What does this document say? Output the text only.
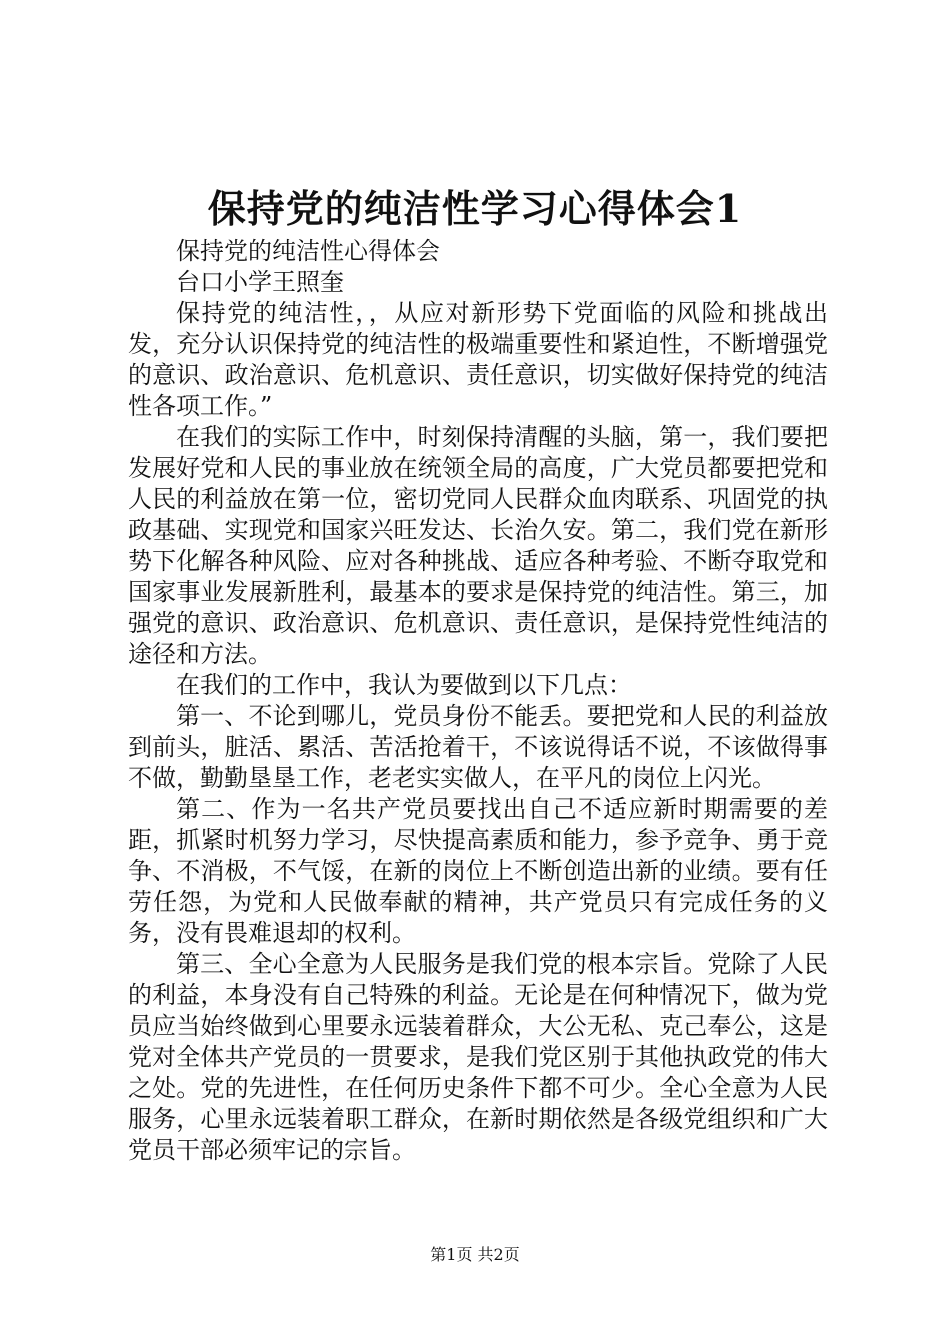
保持党的纯洁性学习心得体会1

保持党的纯洁性心得体会

台口小学王照奎

保持党的纯洁性，，从应对新形势下党面临的风险和挑战出发，充分认识保持党的纯洁性的极端重要性和紧迫性，不断增强党的意识、政治意识、危机意识、责任意识，切实做好保持党的纯洁性各项工作。”

在我们的实际工作中，时刻保持清醒的头脑，第一，我们要把发展好党和人民的事业放在统领全局的高度，广大党员都要把党和人民的利益放在第一位，密切党同人民群众血肉联系、巩固党的执政基础、实现党和国家兴旺发达、长治久安。第二，我们党在新形势下化解各种风险、应对各种挑战、适应各种考验、不断夺取党和国家事业发展新胜利，最基本的要求是保持党的纯洁性。第三，加强党的意识、政治意识、危机意识、责任意识，是保持党性纯洁的途径和方法。

在我们的工作中，我认为要做到以下几点：

第一、不论到哪儿，党员身份不能丢。要把党和人民的利益放到前头，脏活、累活、苦活抢着干，不该说得话不说，不该做得事不做，勤勤垦垦工作，老老实实做人，在平凡的岗位上闪光。

第二、作为一名共产党员要找出自己不适应新时期需要的差距，抓紧时机努力学习，尽快提高素质和能力，参予竞争、勇于竞争、不消极，不气馁，在新的岗位上不断创造出新的业绩。要有任劳任怨，为党和人民做奉献的精神，共产党员只有完成任务的义务，没有畏难退却的权利。

第三、全心全意为人民服务是我们党的根本宗旨。党除了人民的利益，本身没有自己特殊的利益。无论是在何种情况下，做为党员应当始终做到心里要永远装着群众，大公无私、克己奉公，这是党对全体共产党员的一贯要求，是我们党区别于其他执政党的伟大之处。党的先进性，在任何历史条件下都不可少。全心全意为人民服务，心里永远装着职工群众，在新时期依然是各级党组织和广大党员干部必须牢记的宗旨。

第1页 共2页
